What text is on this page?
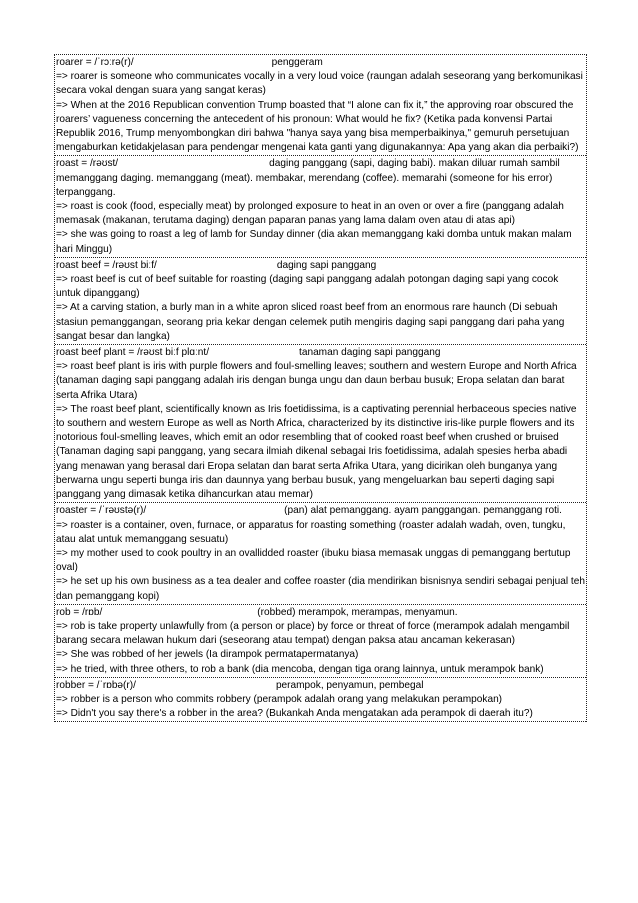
roarer = /ˈrɔːrə(r)/	penggeram
=> roarer is someone who communicates vocally in a very loud voice (raungan adalah seseorang yang berkomunikasi secara vokal dengan suara yang sangat keras)
=> When at the 2016 Republican convention Trump boasted that “I alone can fix it,” the approving roar obscured the roarers’ vagueness concerning the antecedent of his pronoun: What would he fix? (Ketika pada konvensi Partai Republik 2016, Trump menyombongkan diri bahwa "hanya saya yang bisa memperbaikinya," gemuruh persetujuan mengaburkan ketidakjelasan para pendengar mengenai kata ganti yang digunakannya: Apa yang akan dia perbaiki?)
roast = /rəʊst/	daging panggang (sapi, daging babi). makan diluar rumah sambil memanggang daging. memanggang (meat). membakar, merendang (coffee). memarahi (someone for his error) terpanggang.
=> roast is cook (food, especially meat) by prolonged exposure to heat in an oven or over a fire (panggang adalah memasak (makanan, terutama daging) dengan paparan panas yang lama dalam oven atau di atas api)
=> she was going to roast a leg of lamb for Sunday dinner (dia akan memanggang kaki domba untuk makan malam hari Minggu)
roast beef = /rəʊst biːf/	daging sapi panggang
=> roast beef is cut of beef suitable for roasting (daging sapi panggang adalah potongan daging sapi yang cocok untuk dipanggang)
=> At a carving station, a burly man in a white apron sliced roast beef from an enormous rare haunch (Di sebuah stasiun pemanggangan, seorang pria kekar dengan celemek putih mengiris daging sapi panggang dari paha yang sangat besar dan langka)
roast beef plant = /rəʊst biːf plɑːnt/	tanaman daging sapi panggang
=> roast beef plant is iris with purple flowers and foul-smelling leaves; southern and western Europe and North Africa (tanaman daging sapi panggang adalah iris dengan bunga ungu dan daun berbau busuk; Eropa selatan dan barat serta Afrika Utara)
=> The roast beef plant, scientifically known as Iris foetidissima, is a captivating perennial herbaceous species native to southern and western Europe as well as North Africa, characterized by its distinctive iris-like purple flowers and its notorious foul-smelling leaves, which emit an odor resembling that of cooked roast beef when crushed or bruised (Tanaman daging sapi panggang, yang secara ilmiah dikenal sebagai Iris foetidissima, adalah spesies herba abadi yang menawan yang berasal dari Eropa selatan dan barat serta Afrika Utara, yang dicirikan oleh bunganya yang berwarna ungu seperti bunga iris dan daunnya yang berbau busuk, yang mengeluarkan bau seperti daging sapi panggang yang dimasak ketika dihancurkan atau memar)
roaster = /ˈrəʊstə(r)/	(pan) alat pemanggang. ayam panggangan. pemanggang roti.
=> roaster is a container, oven, furnace, or apparatus for roasting something (roaster adalah wadah, oven, tungku, atau alat untuk memanggang sesuatu)
=> my mother used to cook poultry in an ovallidded roaster (ibuku biasa memasak unggas di pemanggang bertutup oval)
=> he set up his own business as a tea dealer and coffee roaster (dia mendirikan bisnisnya sendiri sebagai penjual teh dan pemanggang kopi)
rob = /rɒb/	(robbed) merampok, merampas, menyamun.
=> rob is take property unlawfully from (a person or place) by force or threat of force (merampok adalah mengambil barang secara melawan hukum dari (seseorang atau tempat) dengan paksa atau ancaman kekerasan)
=> She was robbed of her jewels (Ia dirampok permatapermatanya)
=> he tried, with three others, to rob a bank (dia mencoba, dengan tiga orang lainnya, untuk merampok bank)
robber = /ˈrɒbə(r)/	perampok, penyamun, pembegal
=> robber is a person who commits robbery (perampok adalah orang yang melakukan perampokan)
=> Didn't you say there's a robber in the area? (Bukankah Anda mengatakan ada perampok di daerah itu?)
